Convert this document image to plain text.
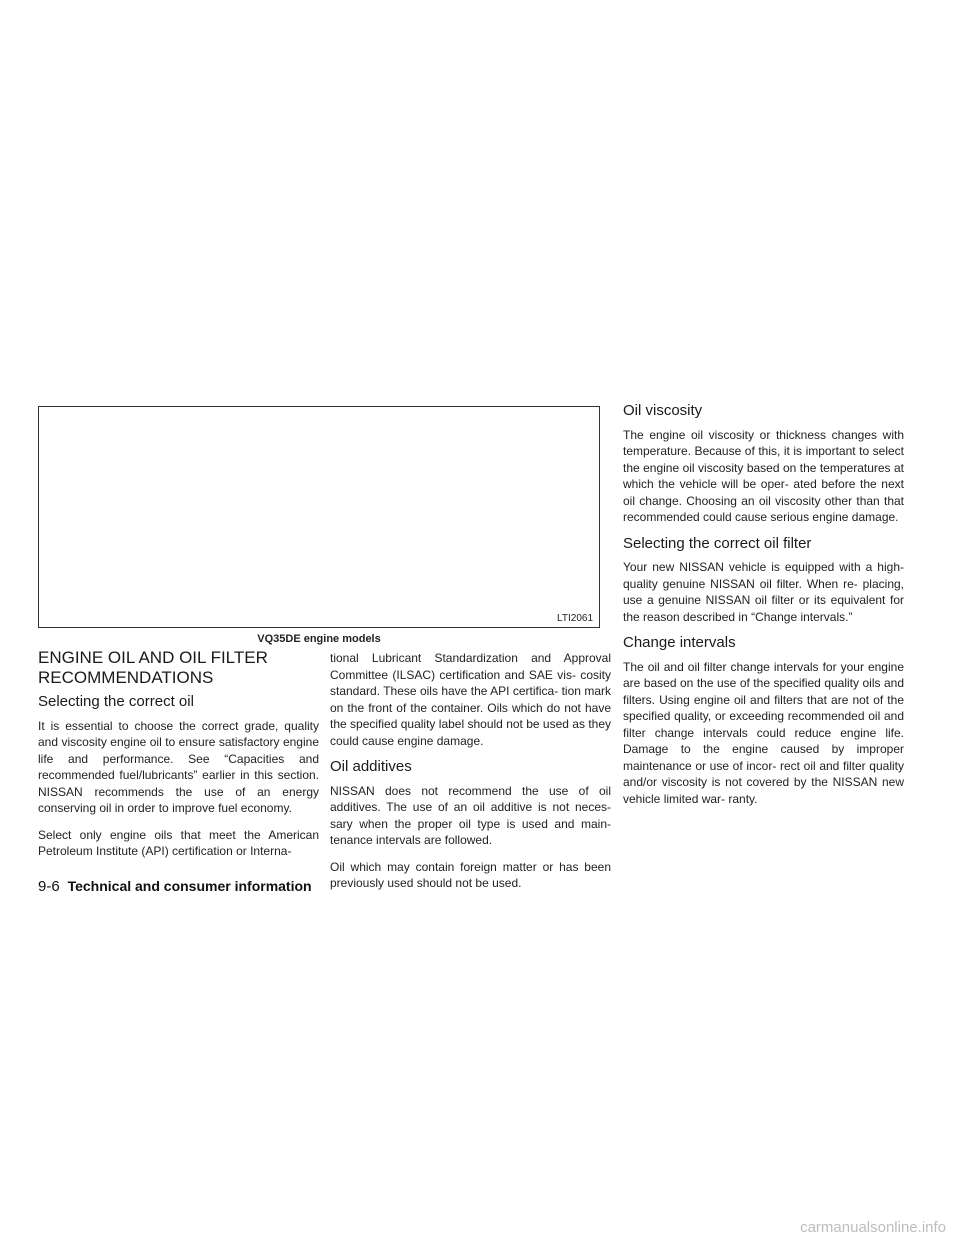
LTI2061
VQ35DE engine models
ENGINE OIL AND OIL FILTER
RECOMMENDATIONS
Selecting the correct oil

It is essential to choose the correct grade, quality and viscosity engine oil to ensure satisfactory engine life and performance. See “Capacities and recommended fuel/lubricants” earlier in this section. NISSAN recommends the use of an energy conserving oil in order to improve fuel economy.

Select only engine oils that meet the American Petroleum Institute (API) certification or Interna-

tional Lubricant Standardization and Approval Committee (ILSAC) certification and SAE vis- cosity standard. These oils have the API certifica- tion mark on the front of the container. Oils which do not have the specified quality label should not be used as they could cause engine damage.

Oil additives

NISSAN does not recommend the use of oil additives. The use of an oil additive is not neces- sary when the proper oil type is used and main- tenance intervals are followed.

Oil which may contain foreign matter or has been previously used should not be used.

Oil viscosity

The engine oil viscosity or thickness changes with temperature. Because of this, it is important to select the engine oil viscosity based on the temperatures at which the vehicle will be oper- ated before the next oil change. Choosing an oil viscosity other than that recommended could cause serious engine damage.

Selecting the correct oil filter

Your new NISSAN vehicle is equipped with a high-quality genuine NISSAN oil filter. When re- placing, use a genuine NISSAN oil filter or its equivalent for the reason described in “Change intervals.”

Change intervals

The oil and oil filter change intervals for your engine are based on the use of the specified quality oils and filters. Using engine oil and filters that are not of the specified quality, or exceeding recommended oil and filter change intervals could reduce engine life. Damage to the engine caused by improper maintenance or use of incor- rect oil and filter quality and/or viscosity is not covered by the NISSAN new vehicle limited war- ranty.

9-6 Technical and consumer information
carmanualsonline.info
